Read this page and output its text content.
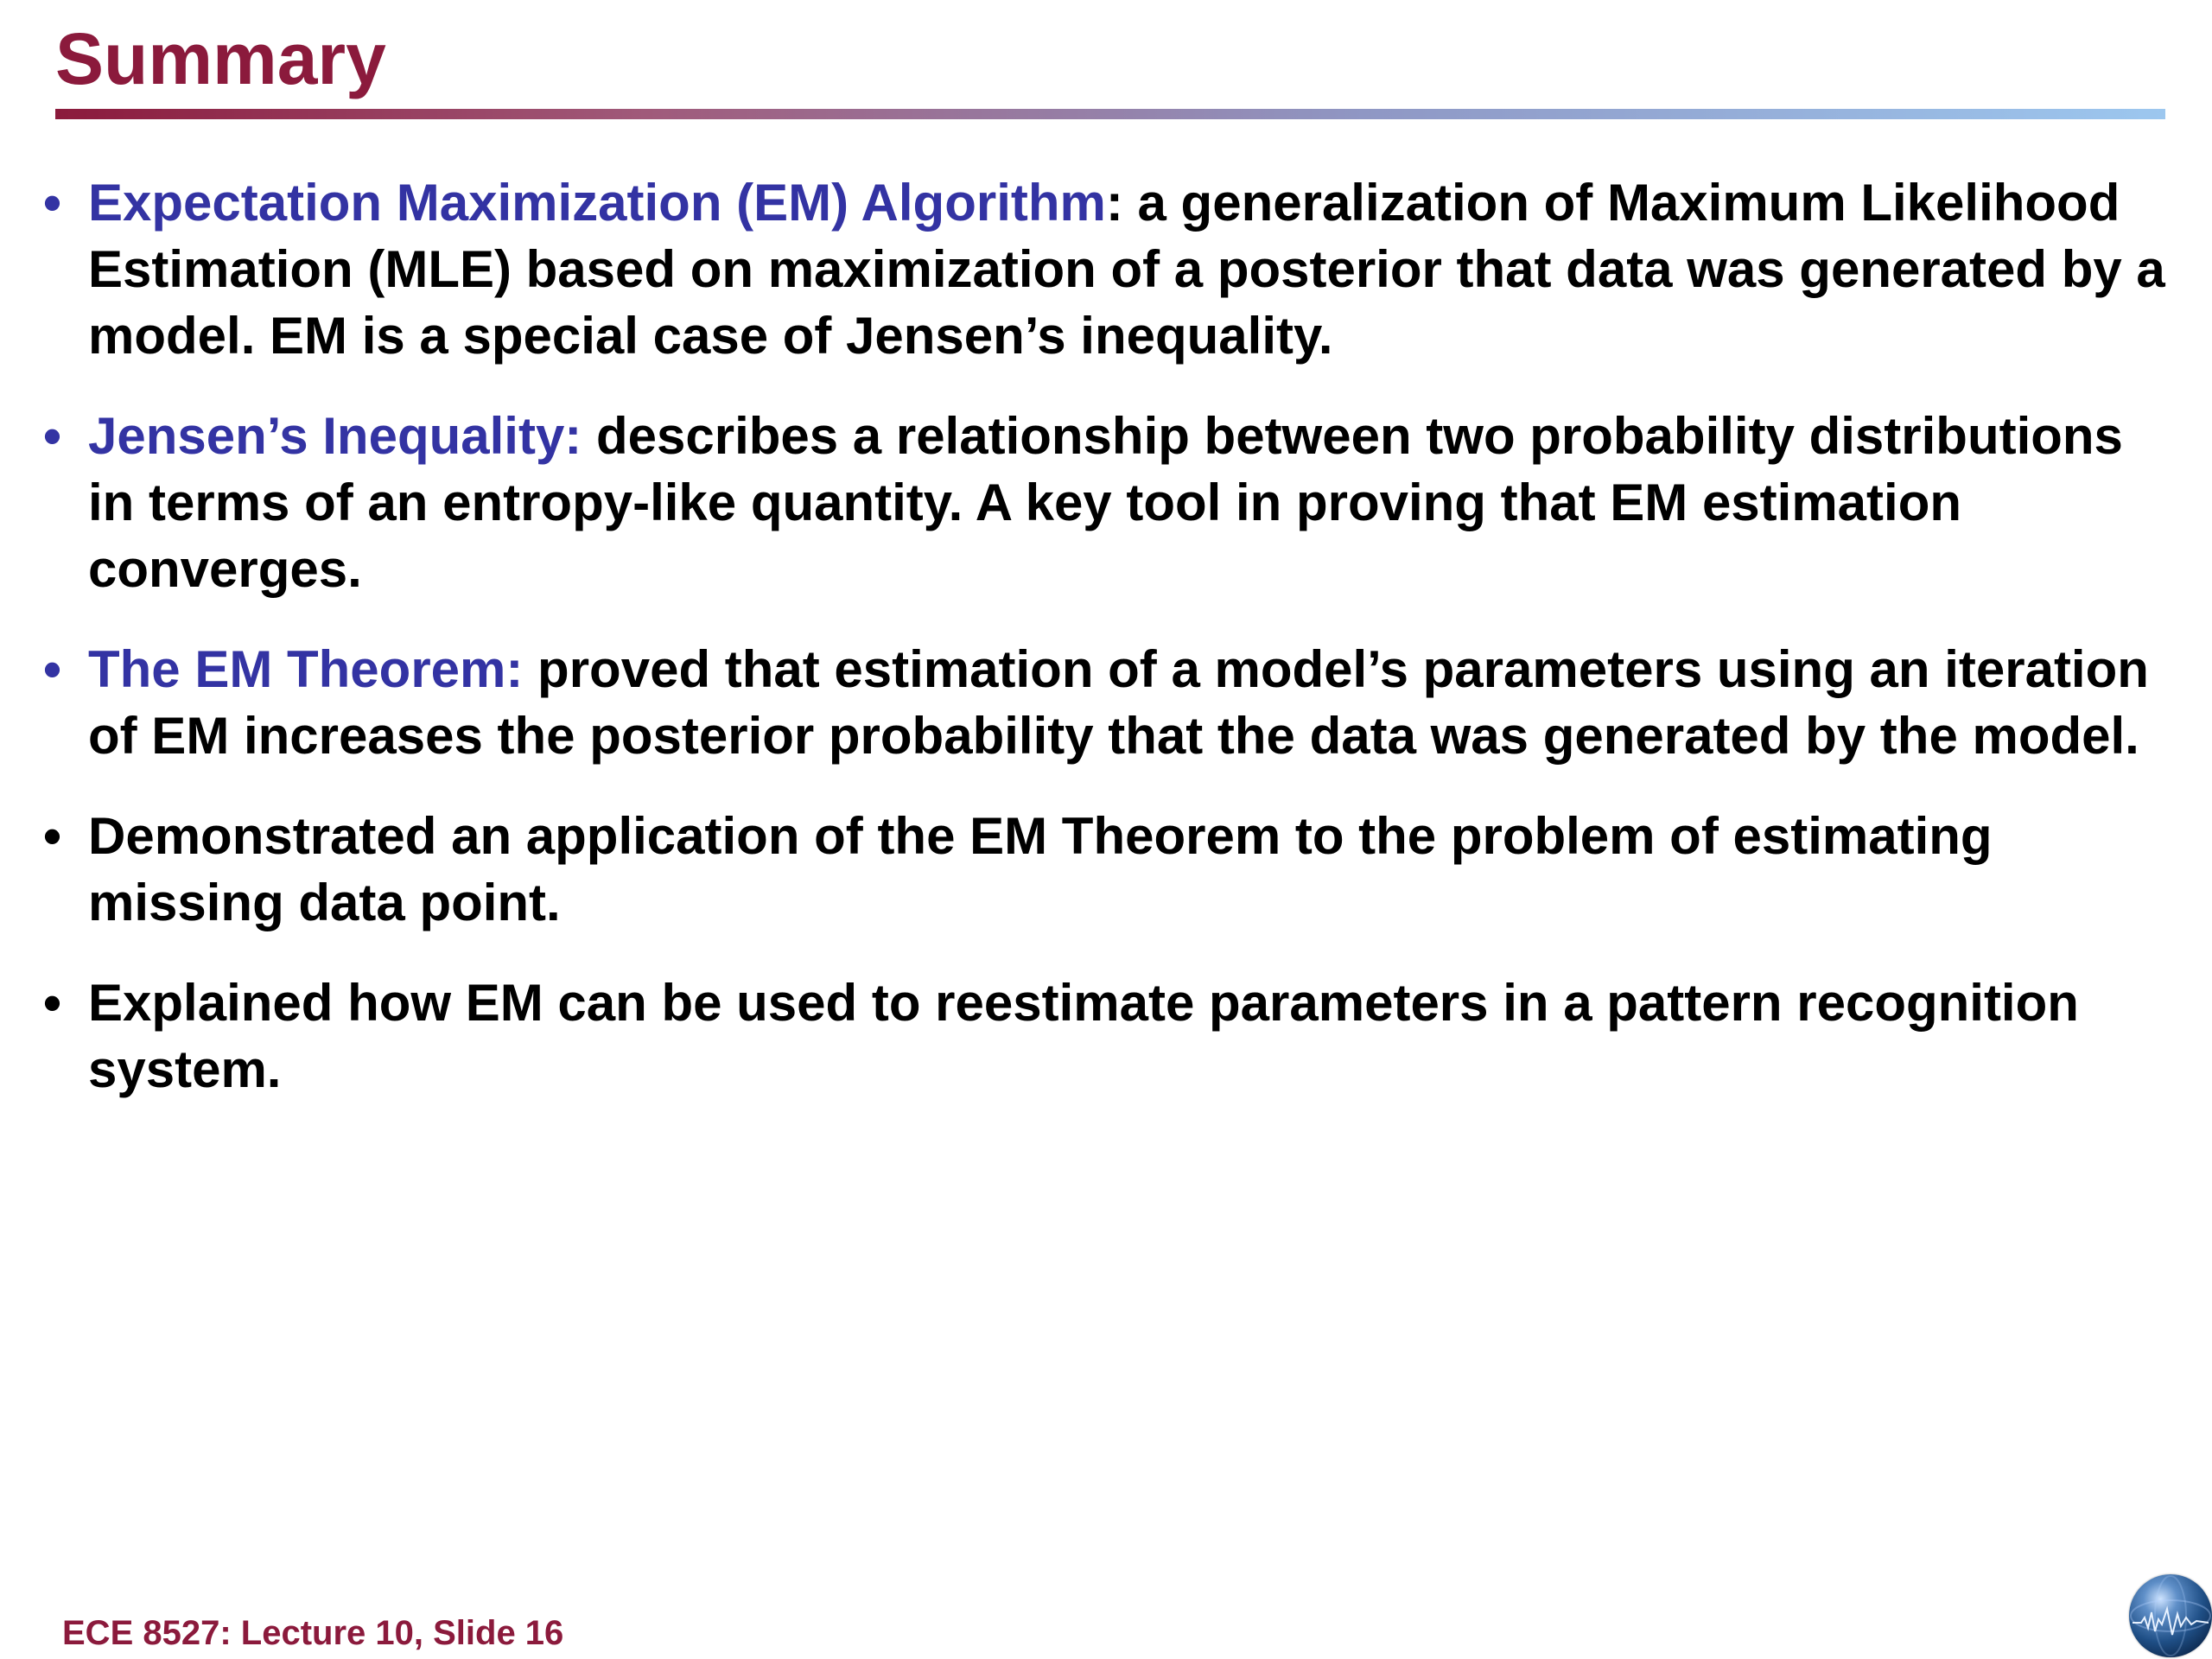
Summary
• Expectation Maximization (EM) Algorithm: a generalization of Maximum Likelihood Estimation (MLE) based on maximization of a posterior that data was generated by a model. EM is a special case of Jensen’s inequality.
• Jensen’s Inequality: describes a relationship between two probability distributions in terms of an entropy-like quantity. A key tool in proving that EM estimation converges.
• The EM Theorem: proved that estimation of a model’s parameters using an iteration of EM increases the posterior probability that the data was generated by the model.
• Demonstrated an application of the EM Theorem to the problem of estimating missing data point.
• Explained how EM can be used to reestimate parameters in a pattern recognition system.
ECE 8527: Lecture 10, Slide 16
